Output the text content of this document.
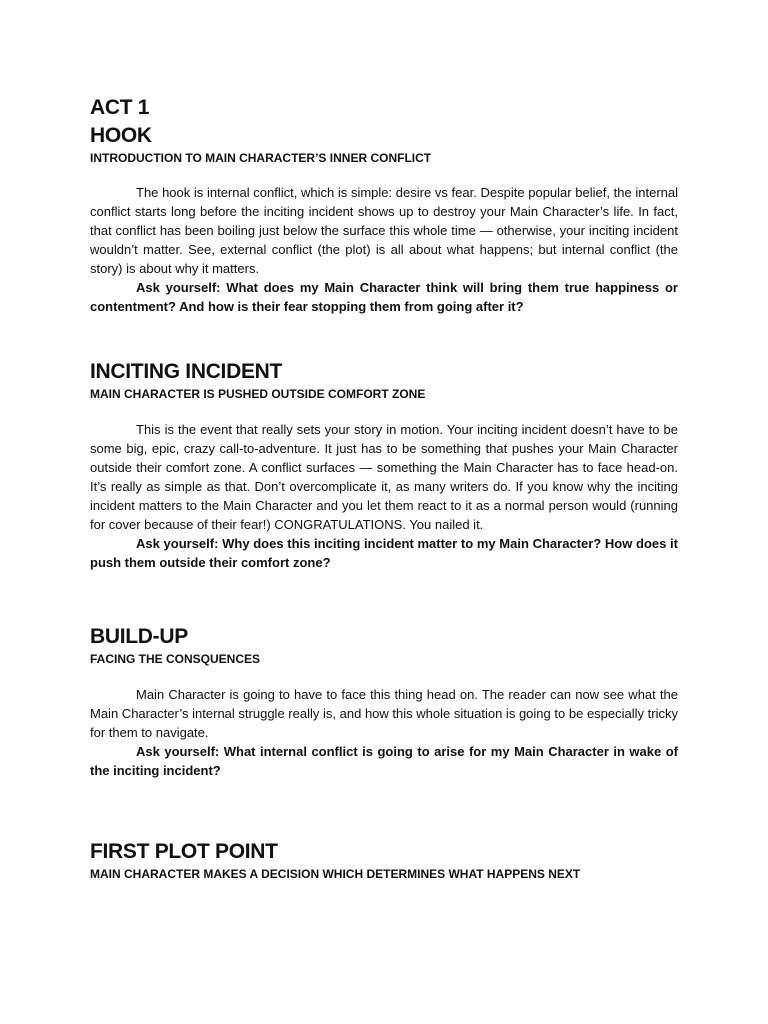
ACT 1
HOOK
INTRODUCTION TO MAIN CHARACTER’S INNER CONFLICT

The hook is internal conflict, which is simple: desire vs fear. Despite popular belief, the internal conflict starts long before the inciting incident shows up to destroy your Main Character’s life. In fact, that conflict has been boiling just below the surface this whole time — otherwise, your inciting incident wouldn’t matter. See, external conflict (the plot) is all about what happens; but internal conflict (the story) is about why it matters.

Ask yourself: What does my Main Character think will bring them true happiness or contentment? And how is their fear stopping them from going after it?

INCITING INCIDENT
MAIN CHARACTER IS PUSHED OUTSIDE COMFORT ZONE

This is the event that really sets your story in motion. Your inciting incident doesn’t have to be some big, epic, crazy call-to-adventure. It just has to be something that pushes your Main Character outside their comfort zone. A conflict surfaces — something the Main Character has to face head-on. It’s really as simple as that. Don’t overcomplicate it, as many writers do. If you know why the inciting incident matters to the Main Character and you let them react to it as a normal person would (running for cover because of their fear!) CONGRATULATIONS. You nailed it.

Ask yourself: Why does this inciting incident matter to my Main Character? How does it push them outside their comfort zone?

BUILD-UP
FACING THE CONSQUENCES

Main Character is going to have to face this thing head on. The reader can now see what the Main Character’s internal struggle really is, and how this whole situation is going to be especially tricky for them to navigate.

Ask yourself: What internal conflict is going to arise for my Main Character in wake of the inciting incident?

FIRST PLOT POINT
MAIN CHARACTER MAKES A DECISION WHICH DETERMINES WHAT HAPPENS NEXT
